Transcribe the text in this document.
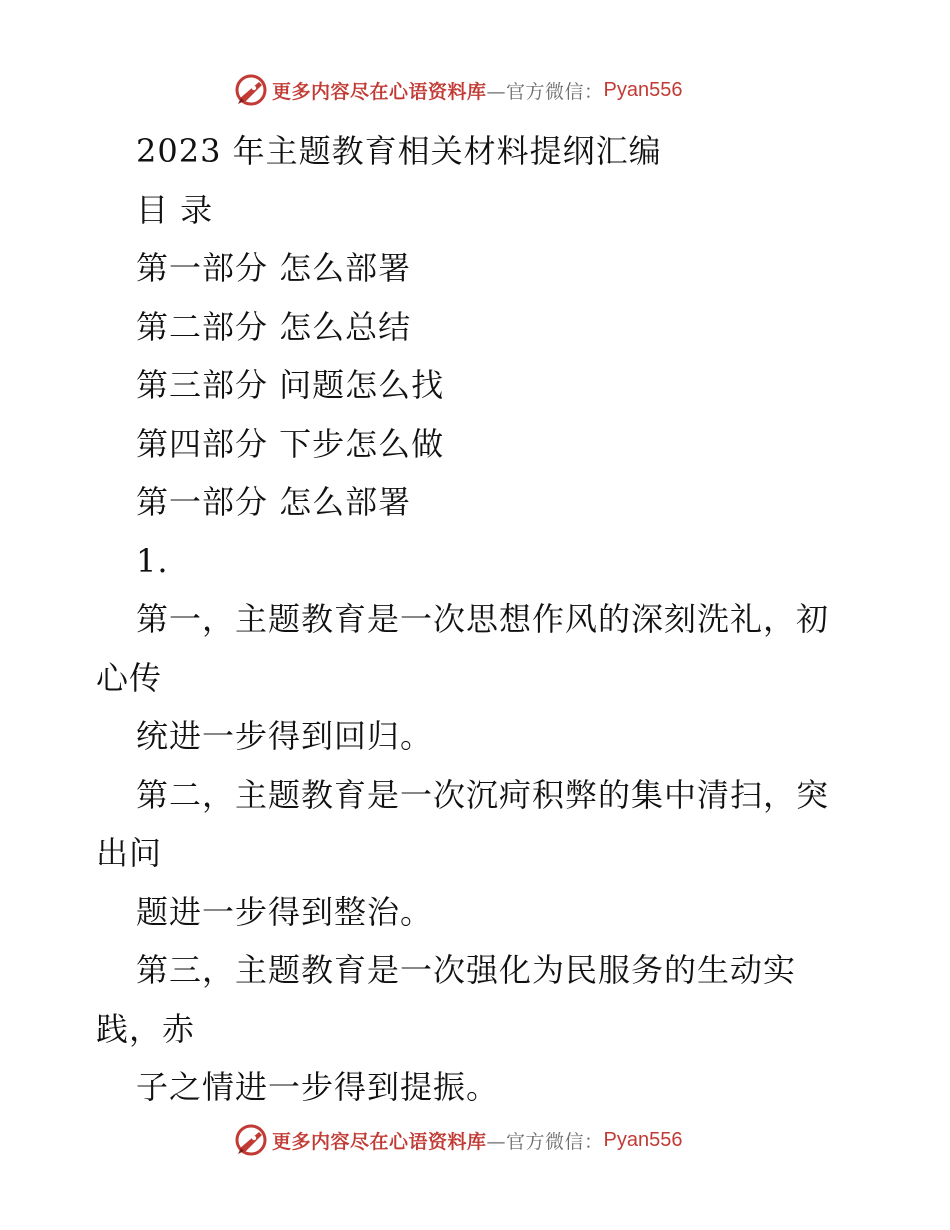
更多内容尽在心语资料库 —官方微信： Pyan556
2023 年主题教育相关材料提纲汇编
目 录
第一部分 怎么部署
第二部分 怎么总结
第三部分 问题怎么找
第四部分 下步怎么做
第一部分 怎么部署
1.
第一，主题教育是一次思想作风的深刻洗礼，初
心传
统进一步得到回归。
第二，主题教育是一次沉疴积弊的集中清扫，突
出问
题进一步得到整治。
第三，主题教育是一次强化为民服务的生动实
践，赤
子之情进一步得到提振。
更多内容尽在心语资料库 —官方微信： Pyan556
